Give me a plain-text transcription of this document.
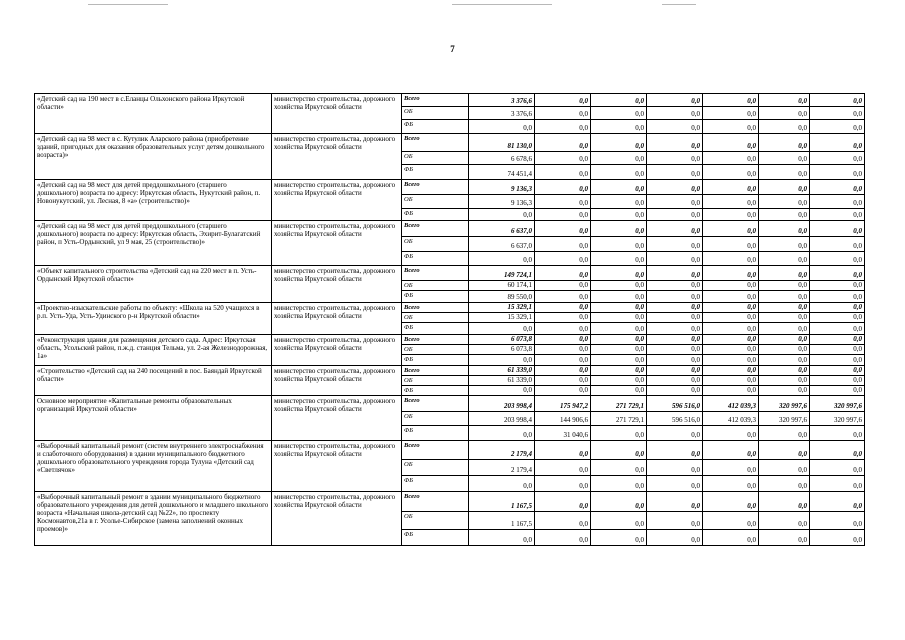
7
«Детский сад на 190 мест в с.Еланцы Ольхонского района Иркутской области»	министерство строительства, дорожного хозяйства Иркутской области	Всего	3 376,6	0,0	0,0	0,0	0,0	0,0	0,0
		ОБ	3 376,6	0,0	0,0	0,0	0,0	0,0	0,0
		ФБ	0,0	0,0	0,0	0,0	0,0	0,0	0,0
«Детский сад на 98 мест в с. Кутулик Аларского района (приобретение зданий, пригодных для оказания образовательных услуг детям дошкольного возраста)»	министерство строительства, дорожного хозяйства Иркутской области	Всего	81 130,0	0,0	0,0	0,0	0,0	0,0	0,0
		ОБ	6 678,6	0,0	0,0	0,0	0,0	0,0	0,0
		ФБ	74 451,4	0,0	0,0	0,0	0,0	0,0	0,0
«Детский сад на 98 мест для детей преддошкольного (старшего дошкольного) возраста по адресу: Иркутская область, Нукутский район, п. Новонукутский, ул. Лесная, 8 «а» (строительство)»	министерство строительства, дорожного хозяйства Иркутской области	Всего	9 136,3	0,0	0,0	0,0	0,0	0,0	0,0
		ОБ	9 136,3	0,0	0,0	0,0	0,0	0,0	0,0
		ФБ	0,0	0,0	0,0	0,0	0,0	0,0	0,0
«Детский сад на 98 мест для детей преддошкольного (старшего дошкольного) возраста по адресу: Иркутская область, Эхирит-Булагатский район, п Усть-Ордынский, ул 9 мая, 25 (строительство)»	министерство строительства, дорожного хозяйства Иркутской области	Всего	6 637,0	0,0	0,0	0,0	0,0	0,0	0,0
		ОБ	6 637,0	0,0	0,0	0,0	0,0	0,0	0,0
		ФБ	0,0	0,0	0,0	0,0	0,0	0,0	0,0
«Объект капитального строительства «Детский сад на 220 мест в п. Усть-Ордынский Иркутской области»	министерство строительства, дорожного хозяйства Иркутской области	Всего	149 724,1	0,0	0,0	0,0	0,0	0,0	0,0
		ОБ	60 174,1	0,0	0,0	0,0	0,0	0,0	0,0
		ФБ	89 550,0	0,0	0,0	0,0	0,0	0,0	0,0
«Проектно-изыскательские работы по объекту: «Школа на 520 учащихся в р.п. Усть-Уда, Усть-Удинского р-н Иркутской области»	министерство строительства, дорожного хозяйства Иркутской области	Всего	15 329,1	0,0	0,0	0,0	0,0	0,0	0,0
		ОБ	15 329,1	0,0	0,0	0,0	0,0	0,0	0,0
		ФБ	0,0	0,0	0,0	0,0	0,0	0,0	0,0
«Реконструкция здания для размещения детского сада. Адрес: Иркутская область, Усольский район, п.ж.д. станция Тельма, ул. 2-ая Железнодорожная, 1а»	министерство строительства, дорожного хозяйства Иркутской области	Всего	6 073,8	0,0	0,0	0,0	0,0	0,0	0,0
		ОБ	6 073,8	0,0	0,0	0,0	0,0	0,0	0,0
		ФБ	0,0	0,0	0,0	0,0	0,0	0,0	0,0
«Строительство «Детский сад на 240 посещений в пос. Баяндай Иркутской области»	министерство строительства, дорожного хозяйства Иркутской области	Всего	61 339,0	0,0	0,0	0,0	0,0	0,0	0,0
		ОБ	61 339,0	0,0	0,0	0,0	0,0	0,0	0,0
		ФБ	0,0	0,0	0,0	0,0	0,0	0,0	0,0
Основное мероприятие «Капитальные ремонты образовательных организаций Иркутской области»	министерство строительства, дорожного хозяйства Иркутской области	Всего	203 998,4	175 947,2	271 729,1	596 516,0	412 039,3	320 997,6	320 997,6
		ОБ	203 998,4	144 906,6	271 729,1	596 516,0	412 039,3	320 997,6	320 997,6
		ФБ	0,0	31 040,6	0,0	0,0	0,0	0,0	0,0
«Выборочный капитальный ремонт (систем внутреннего электроснабжения и слаботочного оборудования) в здании муниципального бюджетного дошкольного образовательного учреждения города Тулуна «Детский сад «Светлячок»	министерство строительства, дорожного хозяйства Иркутской области	Всего	2 179,4	0,0	0,0	0,0	0,0	0,0	0,0
		ОБ	2 179,4	0,0	0,0	0,0	0,0	0,0	0,0
		ФБ	0,0	0,0	0,0	0,0	0,0	0,0	0,0
«Выборочный капитальный ремонт в здании муниципального бюджетного образовательного учреждения для детей дошкольного и младшего школьного возраста «Начальная школа-детский сад №22», по проспекту Космонавтов,21а в г. Усолье-Сибирское (замена заполнений оконных проемов)»	министерство строительства, дорожного хозяйства Иркутской области	Всего	1 167,5	0,0	0,0	0,0	0,0	0,0	0,0
		ОБ	1 167,5	0,0	0,0	0,0	0,0	0,0	0,0
		ФБ	0,0	0,0	0,0	0,0	0,0	0,0	0,0
